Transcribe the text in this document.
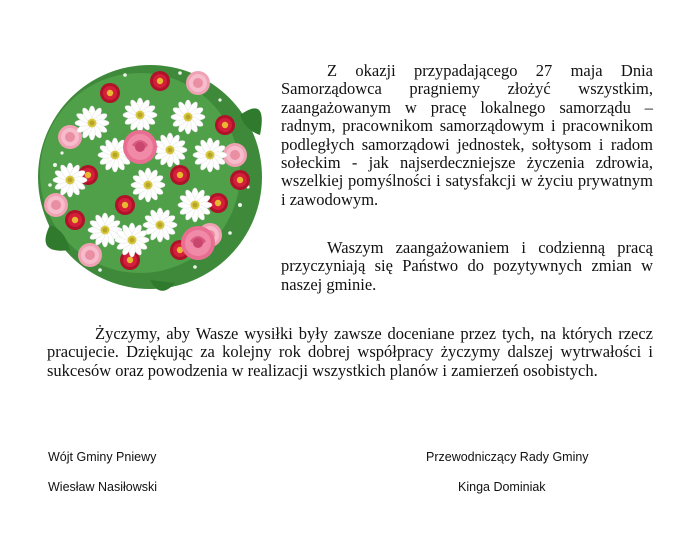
Z okazji przypadającego 27 maja Dnia Samorządowca pragniemy złożyć wszystkim, zaangażowanym w pracę lokalnego samorządu – radnym, pracownikom samorządowym i pracownikom podległych samorządowi jednostek, sołtysom i radom sołeckim - jak najserdeczniejsze życzenia zdrowia, wszelkiej pomyślności i satysfakcji w życiu prywatnym i zawodowym.

Waszym zaangażowaniem i codzienną pracą przyczyniają się Państwo do pozytywnych zmian w naszej gminie.

Życzymy, aby Wasze wysiłki były zawsze doceniane przez tych, na których rzecz pracujecie. Dziękując za kolejny rok dobrej współpracy życzymy dalszej wytrwałości i sukcesów oraz powodzenia w realizacji wszystkich planów i zamierzeń osobistych.

Wójt Gminy Pniewy
Wiesław Nasiłowski
Przewodniczący Rady Gminy
Kinga Dominiak
